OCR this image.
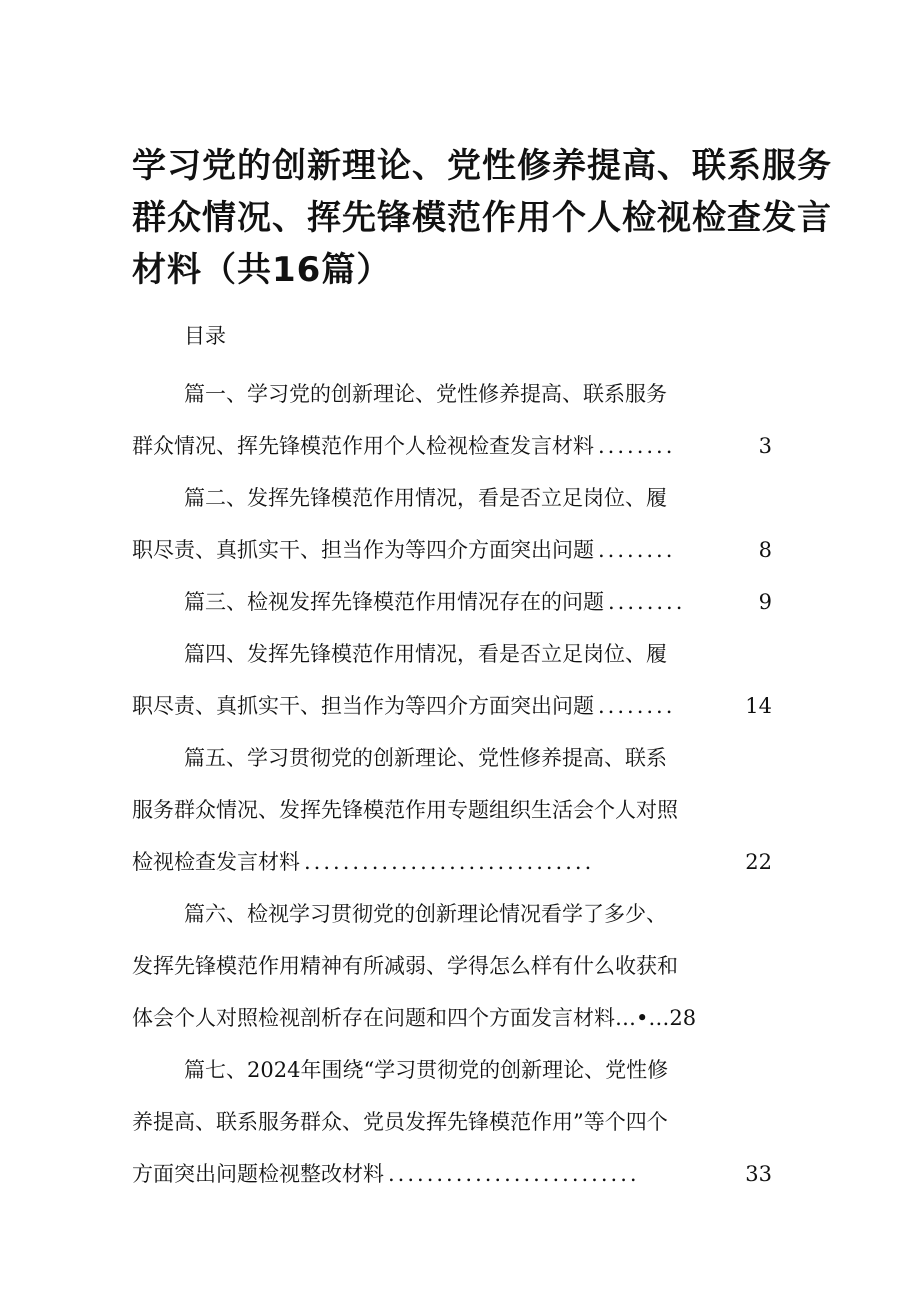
学习党的创新理论、党性修养提高、联系服务
群众情况、挥先锋模范作用个人检视检查发言
材料（共16篇）
目录
篇一、学习党的创新理论、党性修养提高、联系服务
群众情况、挥先锋模范作用个人检视检查发言材料 ........	3
篇二、发挥先锋模范作用情况，看是否立足岗位、履
职尽责、真抓实干、担当作为等四介方面突出问题 ........	8
篇三、检视发挥先锋模范作用情况存在的问题 ........	9
篇四、发挥先锋模范作用情况，看是否立足岗位、履
职尽责、真抓实干、担当作为等四介方面突出问题 ........	14
篇五、学习贯彻党的创新理论、党性修养提高、联系
服务群众情况、发挥先锋模范作用专题组织生活会个人对照
检视检查发言材料 ..............................	22
篇六、检视学习贯彻党的创新理论情况看学了多少、
发挥先锋模范作用精神有所减弱、学得怎么样有什么收获和
体会个人对照检视剖析存在问题和四个方面发言材料 …•… 28
篇七、2024年围绕“学习贯彻党的创新理论、党性修
养提高、联系服务群众、党员发挥先锋模范作用”等个四个
方面突出问题检视整改材料 ..........................	33
